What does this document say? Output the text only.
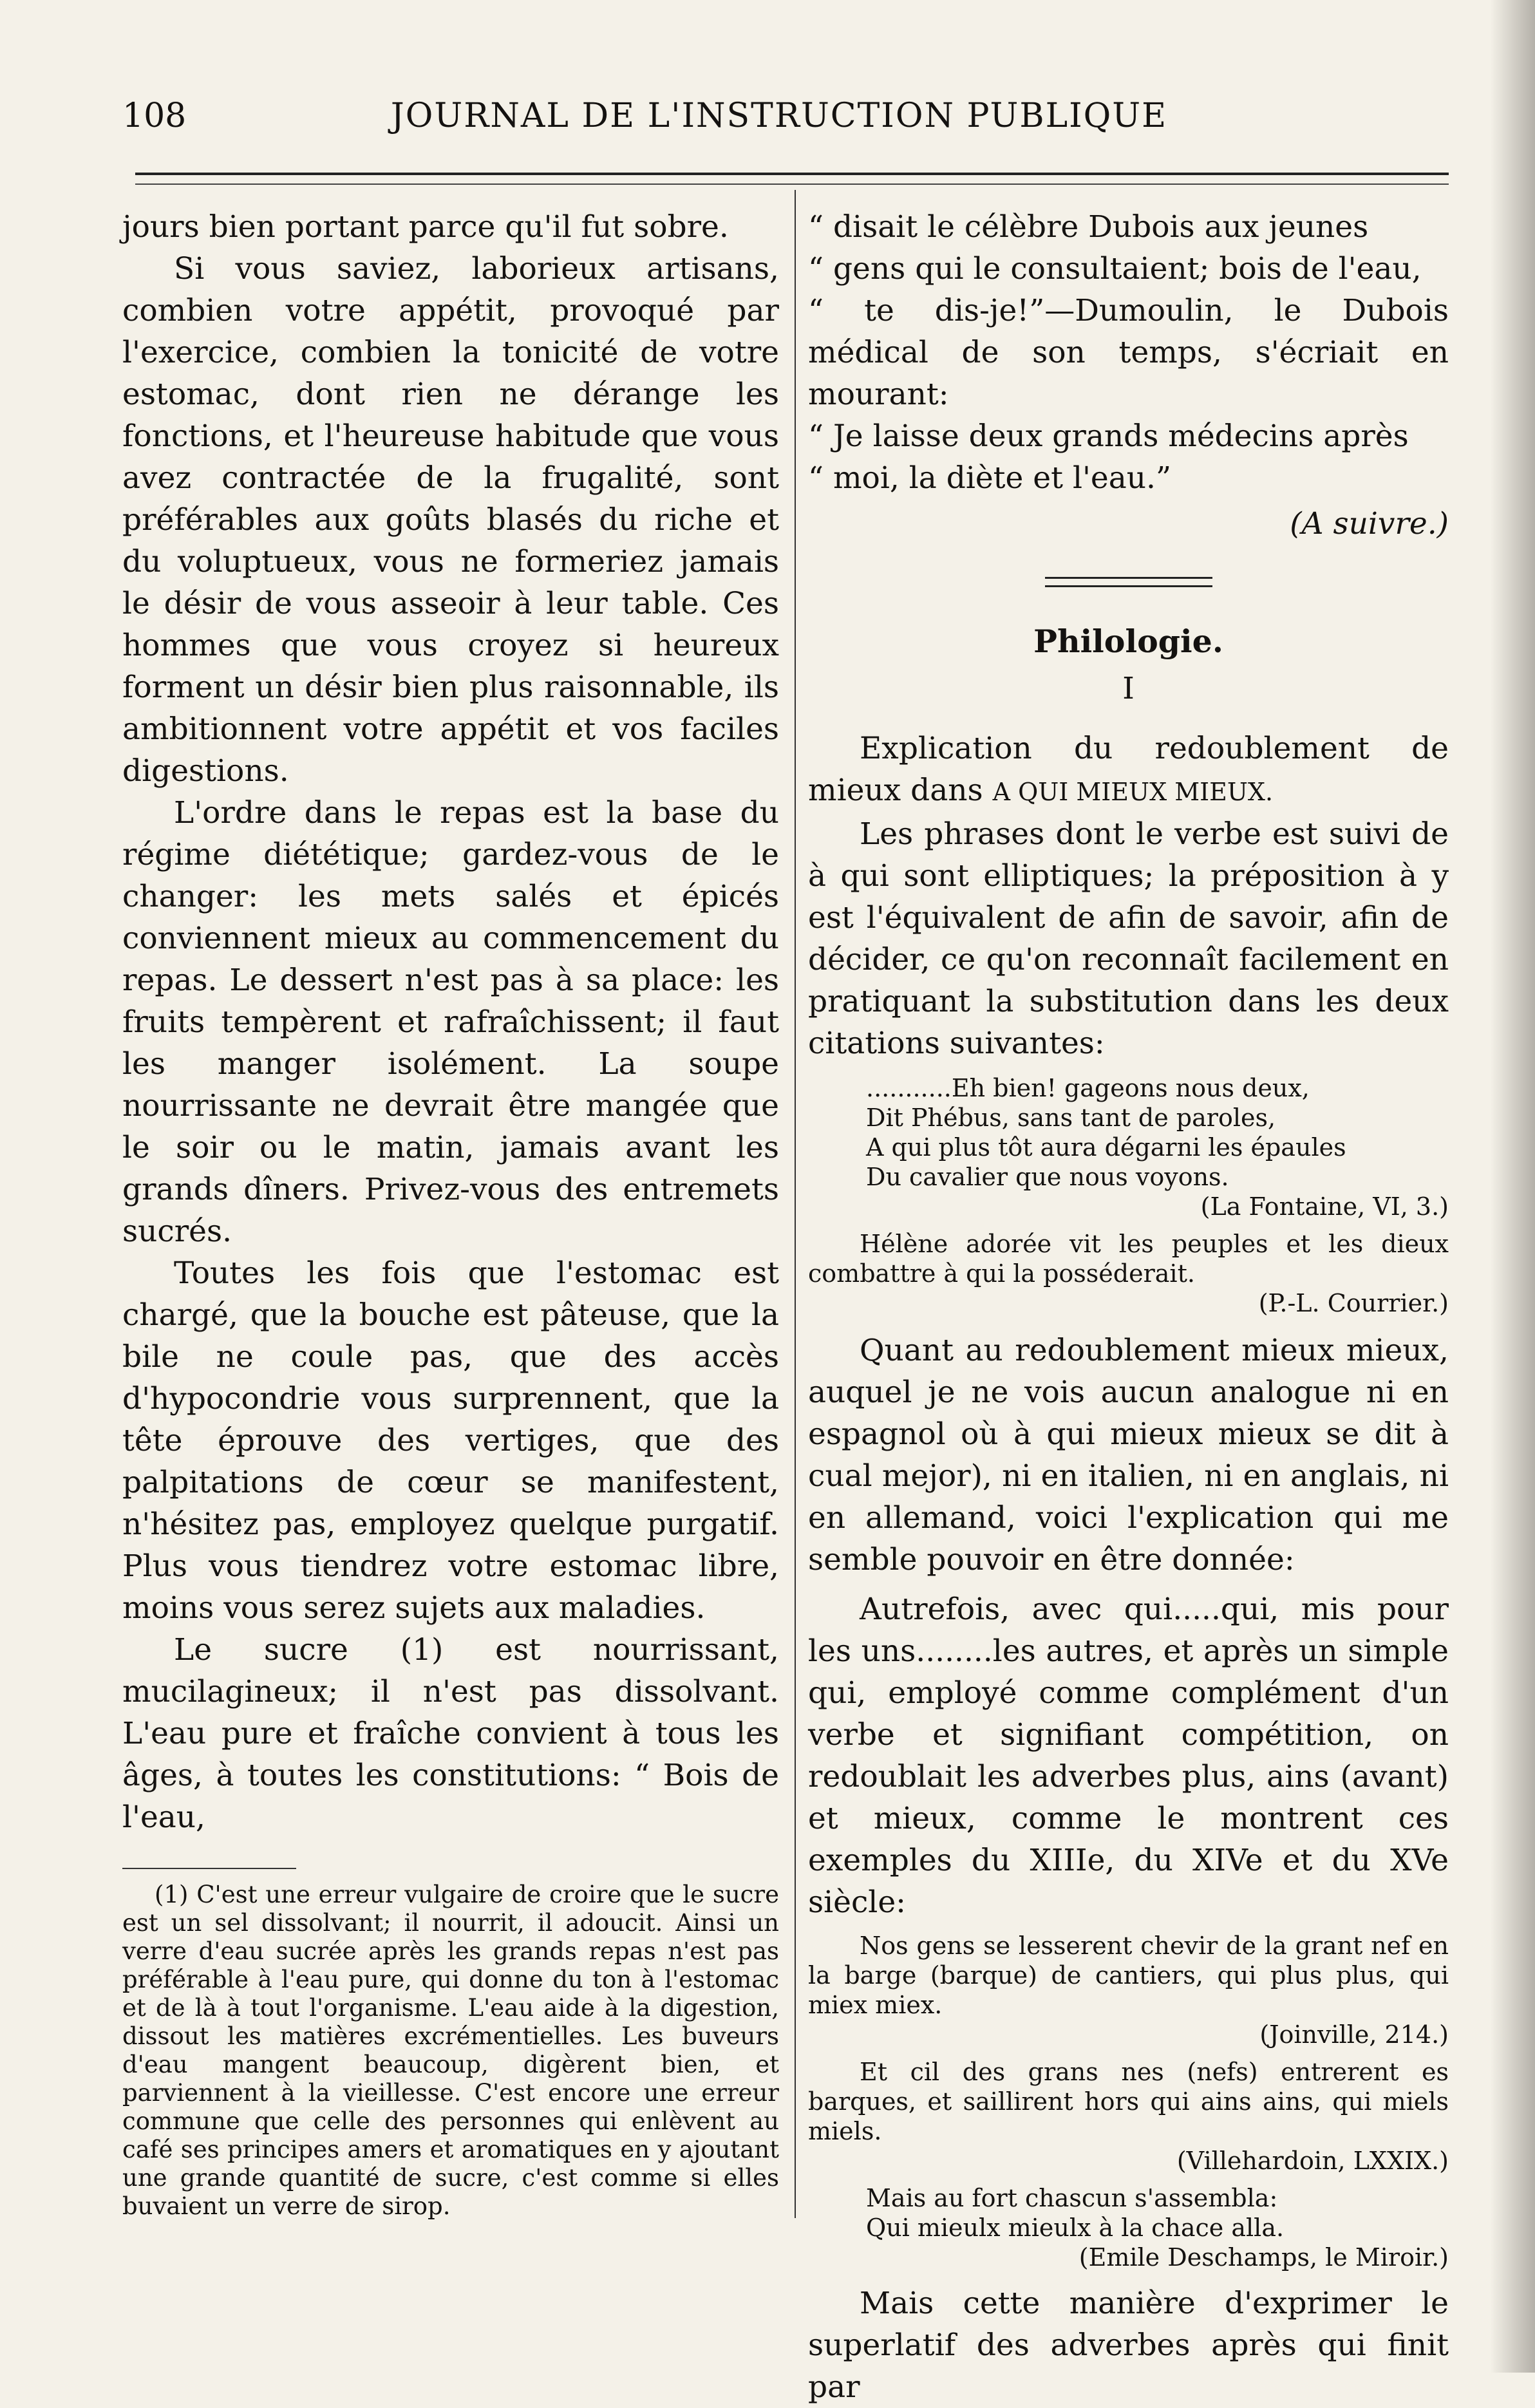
108	JOURNAL DE L'INSTRUCTION PUBLIQUE

jours bien portant parce qu'il fut sobre.

Si vous saviez, laborieux artisans, combien votre appétit, provoqué par l'exercice, combien la tonicité de votre estomac, dont rien ne dérange les fonctions, et l'heureuse habitude que vous avez contractée de la frugalité, sont préférables aux goûts blasés du riche et du voluptueux, vous ne formeriez jamais le désir de vous asseoir à leur table. Ces hommes que vous croyez si heureux forment un désir bien plus raisonnable, ils ambitionnent votre appétit et vos faciles digestions.

L'ordre dans le repas est la base du régime diététique; gardez-vous de le changer: les mets salés et épicés conviennent mieux au commencement du repas. Le dessert n'est pas à sa place: les fruits tempèrent et rafraîchissent; il faut les manger isolément. La soupe nourrissante ne devrait être mangée que le soir ou le matin, jamais avant les grands dîners. Privez-vous des entremets sucrés.

Toutes les fois que l'estomac est chargé, que la bouche est pâteuse, que la bile ne coule pas, que des accès d'hypocondrie vous surprennent, que la tête éprouve des vertiges, que des palpitations de cœur se manifestent, n'hésitez pas, employez quelque purgatif. Plus vous tiendrez votre estomac libre, moins vous serez sujets aux maladies.

Le sucre (1) est nourrissant, mucilagineux; il n'est pas dissolvant. L'eau pure et fraîche convient à tous les âges, à toutes les constitutions: “ Bois de l'eau,

(1) C'est une erreur vulgaire de croire que le sucre est un sel dissolvant; il nourrit, il adoucit. Ainsi un verre d'eau sucrée après les grands repas n'est pas préférable à l'eau pure, qui donne du ton à l'estomac et de là à tout l'organisme. L'eau aide à la digestion, dissout les matières excrémentielles. Les buveurs d'eau mangent beaucoup, digèrent bien, et parviennent à la vieillesse. C'est encore une erreur commune que celle des personnes qui enlèvent au café ses principes amers et aromatiques en y ajoutant une grande quantité de sucre, c'est comme si elles buvaient un verre de sirop.

“ disait le célèbre Dubois aux jeunes

“ gens qui le consultaient; bois de l'eau,

“ te dis-je!”—Dumoulin, le Dubois médical de son temps, s'écriait en mourant:

“ Je laisse deux grands médecins après

“ moi, la diète et l'eau.”

(A suivre.)

Philologie.

I

Explication du redoublement de mieux dans A QUI MIEUX MIEUX.

Les phrases dont le verbe est suivi de à qui sont elliptiques; la préposition à y est l'équivalent de afin de savoir, afin de décider, ce qu'on reconnaît facilement en pratiquant la substitution dans les deux citations suivantes:

...........Eh bien! gageons nous deux,

Dit Phébus, sans tant de paroles,

A qui plus tôt aura dégarni les épaules

Du cavalier que nous voyons.

(La Fontaine, VI, 3.)

Hélène adorée vit les peuples et les dieux combattre à qui la posséderait.

(P.-L. Courrier.)

Quant au redoublement mieux mieux, auquel je ne vois aucun analogue ni en espagnol où à qui mieux mieux se dit à cual mejor), ni en italien, ni en anglais, ni en allemand, voici l'explication qui me semble pouvoir en être donnée:

Autrefois, avec qui.....qui, mis pour les uns........les autres, et après un simple qui, employé comme complément d'un verbe et signifiant compétition, on redoublait les adverbes plus, ains (avant) et mieux, comme le montrent ces exemples du XIIIe, du XIVe et du XVe siècle:

Nos gens se lesserent chevir de la grant nef en la barge (barque) de cantiers, qui plus plus, qui miex miex.

(Joinville, 214.)

Et cil des grans nes (nefs) entrerent es barques, et saillirent hors qui ains ains, qui miels miels.

(Villehardoin, LXXIX.)

Mais au fort chascun s'assembla:

Qui mieulx mieulx à la chace alla.

(Emile Deschamps, le Miroir.)

Mais cette manière d'exprimer le superlatif des adverbes après qui finit par
